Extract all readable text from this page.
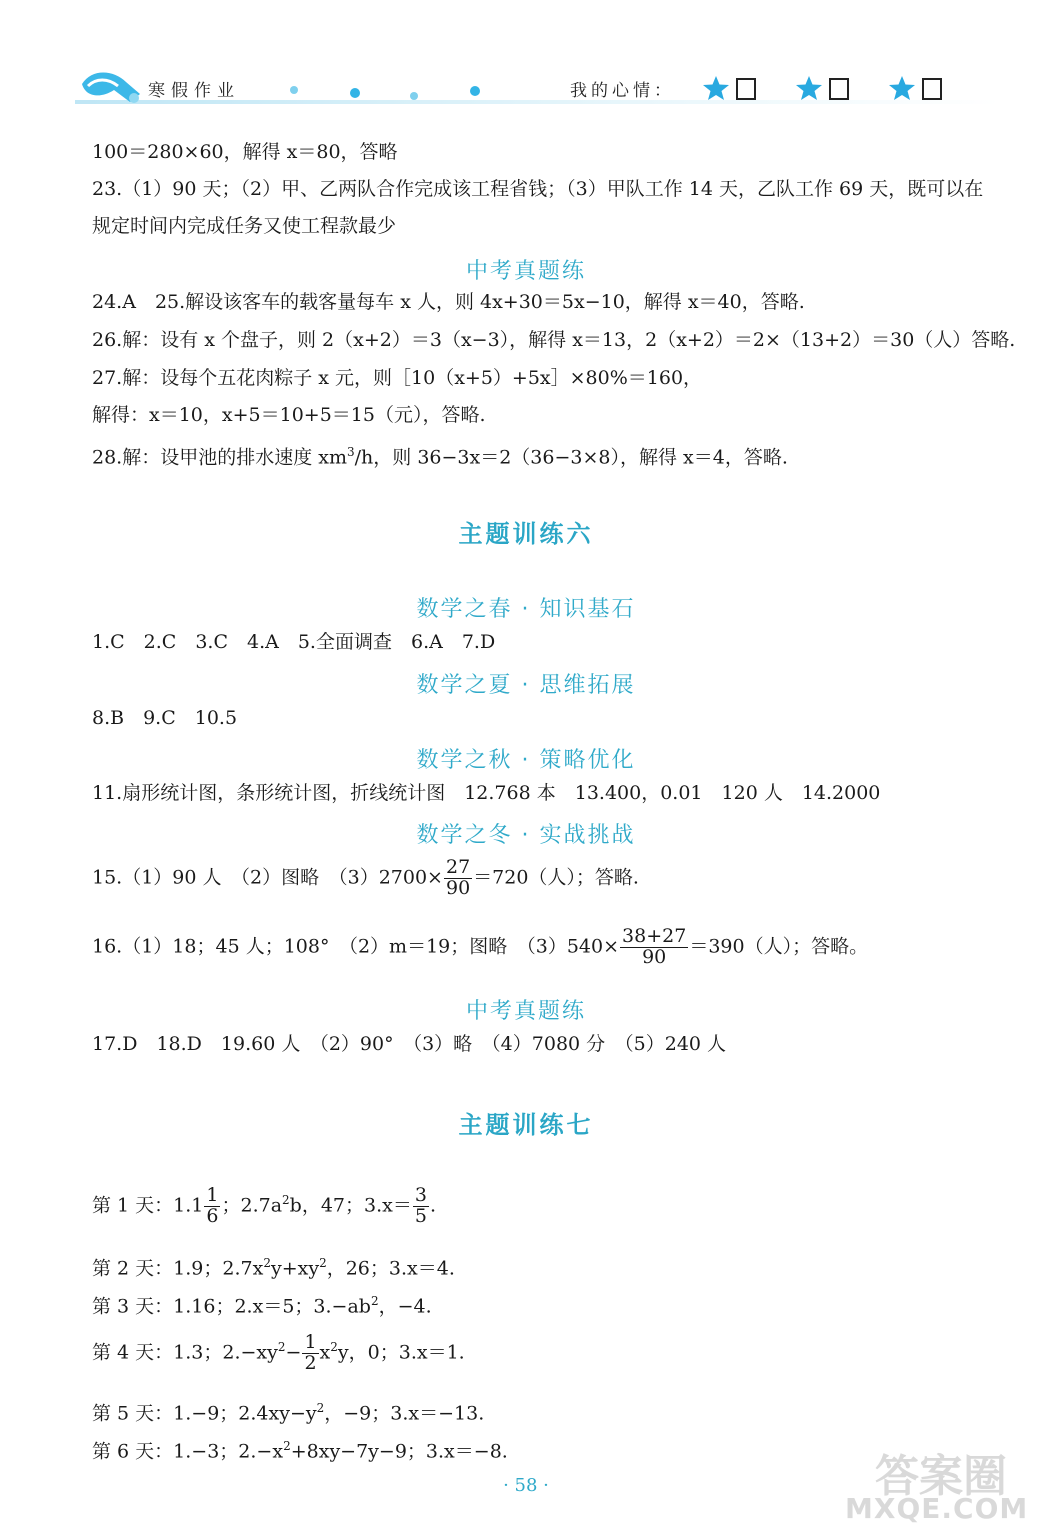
寒假作业	我的心情：
100＝280×60，解得 x＝80，答略
23.（1）90 天；（2）甲、乙两队合作完成该工程省钱；（3）甲队工作 14 天，乙队工作 69 天，既可以在
规定时间内完成任务又使工程款最少
中考真题练
24.A　25.解设该客车的载客量每车 x 人，则 4x+30＝5x−10，解得 x＝40，答略.
26.解：设有 x 个盘子，则 2（x+2）＝3（x−3），解得 x＝13，2（x+2）＝2×（13+2）＝30（人）答略.
27.解：设每个五花肉粽子 x 元，则［10（x+5）+5x］×80%＝160，
解得：x＝10，x+5＝10+5＝15（元），答略.
28.解：设甲池的排水速度 $xm^3/h$，则 36−3x＝2（36−3×8），解得 x＝4，答略.
主题训练六
数学之春 · 知识基石
1.C　2.C　3.C　4.A　5.全面调查　6.A　7.D
数学之夏 · 思维拓展
8.B　9.C　10.5
数学之秋 · 策略优化
11.扇形统计图，条形统计图，折线统计图　12.768 本　13.400，0.01　120 人　14.2000
数学之冬 · 实战挑战
15.（1）90 人　（2）图略　$(3)2700\times \frac{27}{90} =720$（人）；答略.
16.（1）18；45 人；108°　（2）m＝19；图略　$(3)540\times \frac{38+27}{90} =390$（人）；答略。
中考真题练
17.D　18.D　19.60 人　（2）90°　（3）略　（4）7080 分　（5）240 人
主题训练七
第 1 天：$1.1 \frac{1}{6}$ ；$2.7a^2b$，47；$3.x= \frac{3}{5}$ .
第 2 天：1.9；$2.7x^2y+xy^2$，26；3.x＝4.
第 3 天：1.16；2.x＝5；$3.-ab^2$，−4.
第 4 天：1.3；$2.-xy^2- \frac{1}{2} x^2y$，0；3.x＝1.
第 5 天：1.−9；$2.4xy-y^2$，−9；3.x＝−13.
第 6 天：1.−3；$2.-x^2+8xy-7y-9$；3.x＝−8.
· 58 ·	答案圈
MXQE.COM
